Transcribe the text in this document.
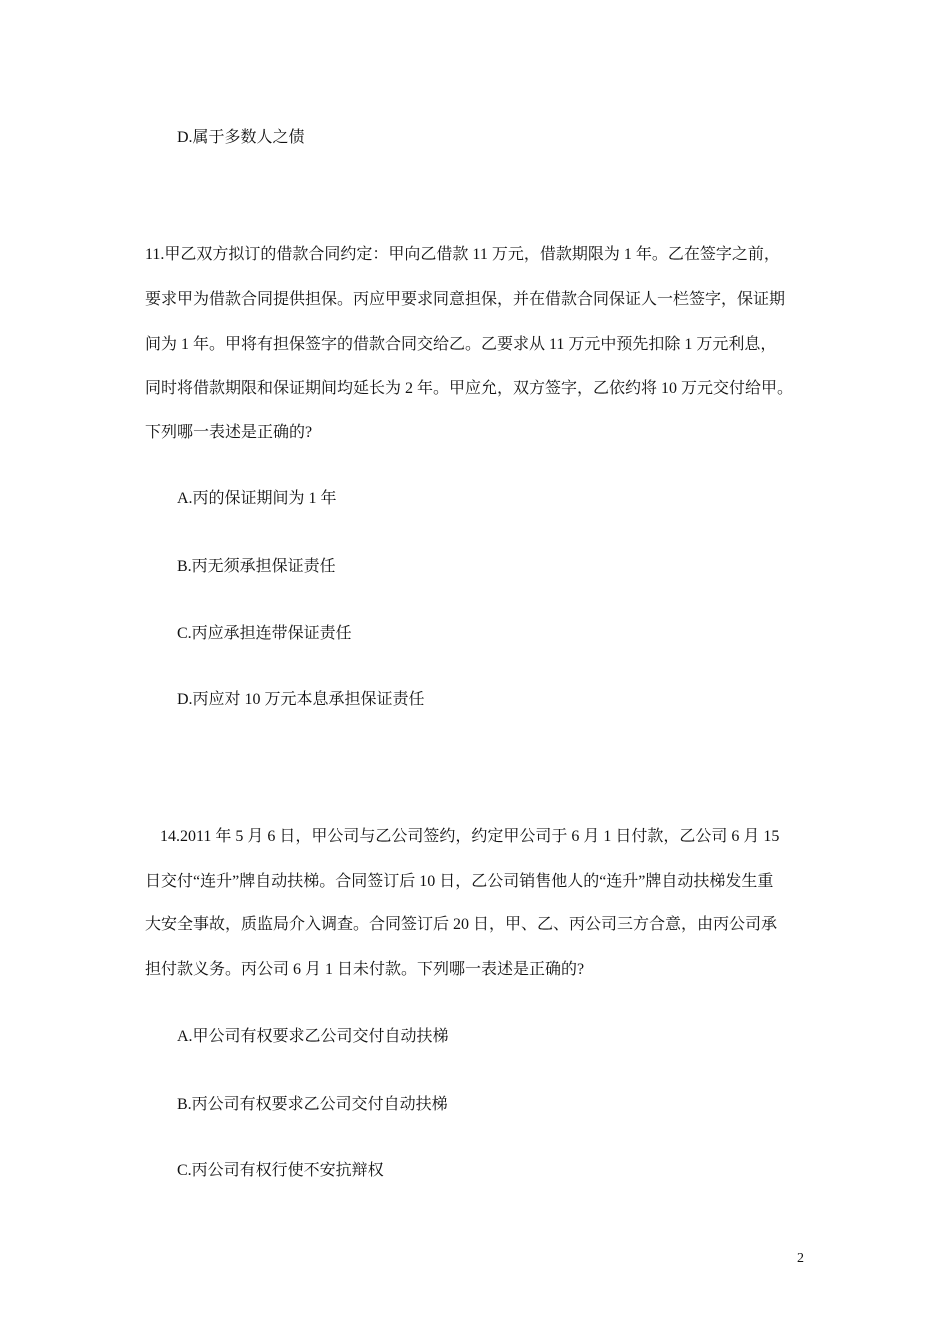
D.属于多数人之债
11.甲乙双方拟订的借款合同约定：甲向乙借款 11 万元，借款期限为 1 年。乙在签字之前，
要求甲为借款合同提供担保。丙应甲要求同意担保，并在借款合同保证人一栏签字，保证期
间为 1 年。甲将有担保签字的借款合同交给乙。乙要求从 11 万元中预先扣除 1 万元利息，
同时将借款期限和保证期间均延长为 2 年。甲应允，双方签字，乙依约将 10 万元交付给甲。
下列哪一表述是正确的?
A.丙的保证期间为 1 年
B.丙无须承担保证责任
C.丙应承担连带保证责任
D.丙应对 10 万元本息承担保证责任
14.2011 年 5 月 6 日，甲公司与乙公司签约，约定甲公司于 6 月 1 日付款，乙公司 6 月 15
日交付“连升”牌自动扶梯。合同签订后 10 日，乙公司销售他人的“连升”牌自动扶梯发生重
大安全事故，质监局介入调查。合同签订后 20 日，甲、乙、丙公司三方合意，由丙公司承
担付款义务。丙公司 6 月 1 日未付款。下列哪一表述是正确的?
A.甲公司有权要求乙公司交付自动扶梯
B.丙公司有权要求乙公司交付自动扶梯
C.丙公司有权行使不安抗辩权
2
